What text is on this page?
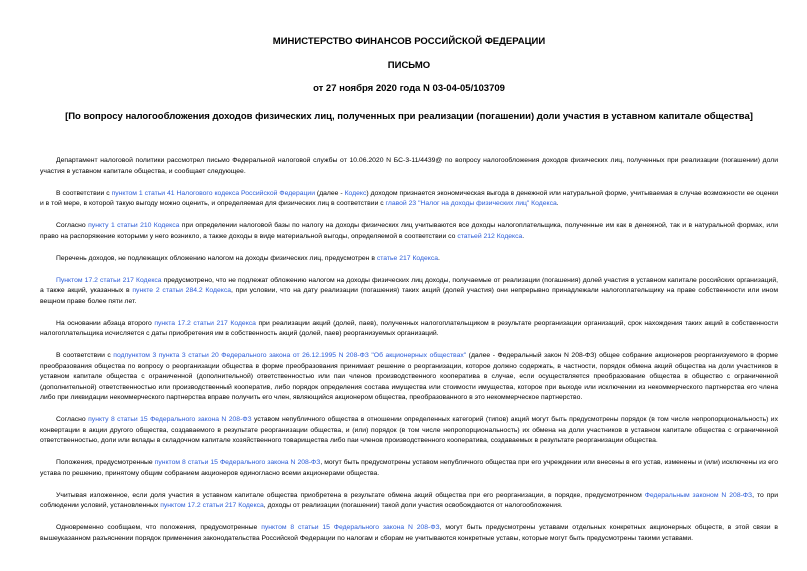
МИНИСТЕРСТВО ФИНАНСОВ РОССИЙСКОЙ ФЕДЕРАЦИИ
ПИСЬМО
от 27 ноября 2020 года N 03-04-05/103709
[По вопросу налогообложения доходов физических лиц, полученных при реализации (погашении) доли участия в уставном капитале общества]

Департамент налоговой политики рассмотрел письмо Федеральной налоговой службы от 10.06.2020 N БС-3-11/4439@ по вопросу налогообложения доходов физических лиц, полученных при реализации (погашении) доли участия в уставном капитале общества, и сообщает следующее.

В соответствии с пунктом 1 статьи 41 Налогового кодекса Российской Федерации (далее - Кодекс) доходом признается экономическая выгода в денежной или натуральной форме, учитываемая в случае возможности ее оценки и в той мере, в которой такую выгоду можно оценить, и определяемая для физических лиц в соответствии с главой 23 "Налог на доходы физических лиц" Кодекса.

Согласно пункту 1 статьи 210 Кодекса при определении налоговой базы по налогу на доходы физических лиц учитываются все доходы налогоплательщика, полученные им как в денежной, так и в натуральной формах, или право на распоряжение которыми у него возникло, а также доходы в виде материальной выгоды, определяемой в соответствии со статьей 212 Кодекса.

Перечень доходов, не подлежащих обложению налогом на доходы физических лиц, предусмотрен в статье 217 Кодекса.

Пунктом 17.2 статьи 217 Кодекса предусмотрено, что не подлежат обложению налогом на доходы физических лиц доходы, получаемые от реализации (погашения) долей участия в уставном капитале российских организаций, а также акций, указанных в пункте 2 статьи 284.2 Кодекса, при условии, что на дату реализации (погашения) таких акций (долей участия) они непрерывно принадлежали налогоплательщику на праве собственности или ином вещном праве более пяти лет.

На основании абзаца второго пункта 17.2 статьи 217 Кодекса при реализации акций (долей, паев), полученных налогоплательщиком в результате реорганизации организаций, срок нахождения таких акций в собственности налогоплательщика исчисляется с даты приобретения им в собственность акций (долей, паев) реорганизуемых организаций.

В соответствии с подпунктом 3 пункта 3 статьи 20 Федерального закона от 26.12.1995 N 208-ФЗ "Об акционерных обществах" (далее - Федеральный закон N 208-ФЗ) общее собрание акционеров реорганизуемого в форме преобразования общества по вопросу о реорганизации общества в форме преобразования принимает решение о реорганизации, которое должно содержать, в частности, порядок обмена акций общества на доли участников в уставном капитале общества с ограниченной (дополнительной) ответственностью или паи членов производственного кооператива в случае, если осуществляется преобразование общества в общество с ограниченной (дополнительной) ответственностью или производственный кооператив, либо порядок определения состава имущества или стоимости имущества, которое при выходе или исключении из некоммерческого партнерства его члена либо при ликвидации некоммерческого партнерства вправе получить его член, являющийся акционером общества, преобразованного в это некоммерческое партнерство.

Согласно пункту 8 статьи 15 Федерального закона N 208-ФЗ уставом непубличного общества в отношении определенных категорий (типов) акций могут быть предусмотрены порядок (в том числе непропорциональность) их конвертации в акции другого общества, создаваемого в результате реорганизации общества, и (или) порядок (в том числе непропорциональность) их обмена на доли участников в уставном капитале общества с ограниченной ответственностью, доли или вклады в складочном капитале хозяйственного товарищества либо паи членов производственного кооператива, создаваемых в результате реорганизации общества.

Положения, предусмотренные пунктом 8 статьи 15 Федерального закона N 208-ФЗ, могут быть предусмотрены уставом непубличного общества при его учреждении или внесены в его устав, изменены и (или) исключены из его устава по решению, принятому общим собранием акционеров единогласно всеми акционерами общества.

Учитывая изложенное, если доля участия в уставном капитале общества приобретена в результате обмена акций общества при его реорганизации, в порядке, предусмотренном Федеральным законом N 208-ФЗ, то при соблюдении условий, установленных пунктом 17.2 статьи 217 Кодекса, доходы от реализации (погашении) такой доли участия освобождаются от налогообложения.

Одновременно сообщаем, что положения, предусмотренные пунктом 8 статьи 15 Федерального закона N 208-ФЗ, могут быть предусмотрены уставами отдельных конкретных акционерных обществ, в этой связи в вышеуказанном разъяснении порядок применения законодательства Российской Федерации по налогам и сборам не учитываются конкретные уставы, которые могут быть предусмотрены такими уставами.
